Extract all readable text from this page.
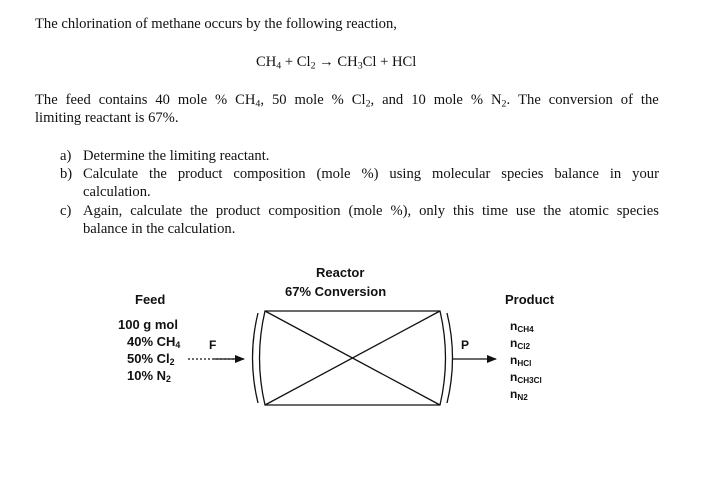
The chlorination of methane occurs by the following reaction,
$CH_4 + Cl_2 \to CH_3Cl$ + HCl
The feed contains 40 mole % $CH_4$, 50 mole % $Cl_2$, and 10 mole % $N_2$. The conversion of the
limiting reactant is 67%.
a) Determine the limiting reactant.
b) Calculate the product composition (mole %) using molecular species balance in your
calculation.
c) Again, calculate the product composition (mole %), only this time use the atomic species
balance in the calculation.
Reactor
67% Conversion
Feed
100 g mol
40% $CH_4$
50% $Cl_2$
10% $N_2$
F	P
Product
$n_{CH4}$
$n_{Cl2}$
$n_{HCl}$
$n_{CH3Cl}$
$n_{N2}$
